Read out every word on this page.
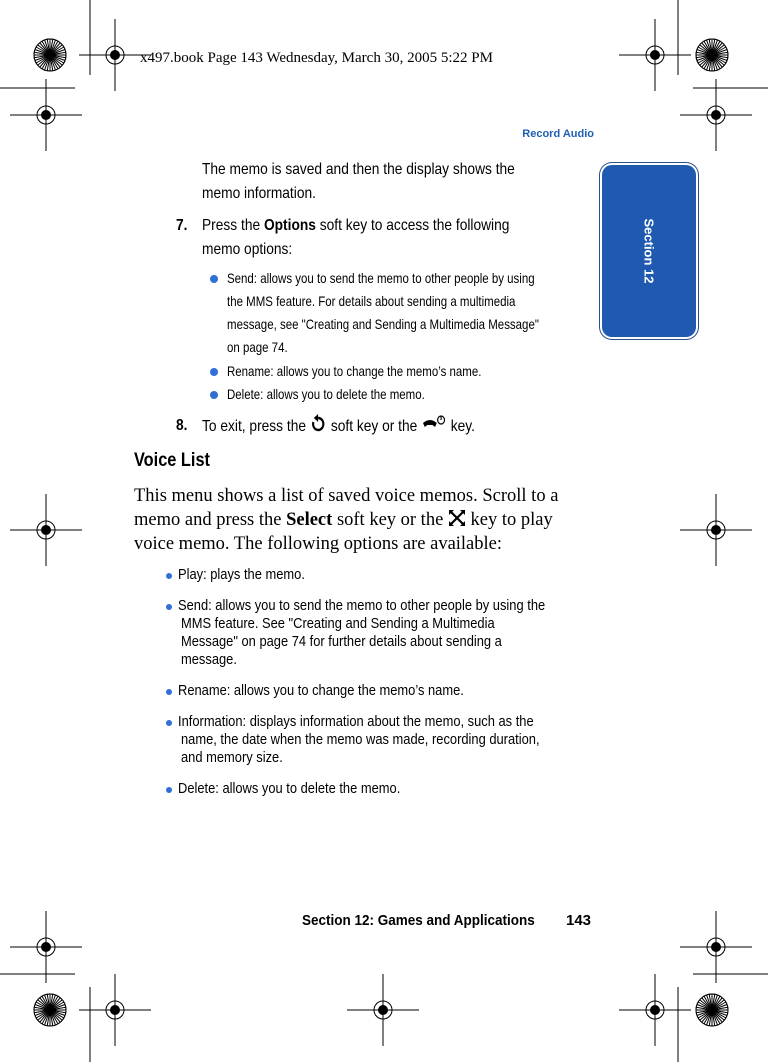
x497.book Page 143 Wednesday, March 30, 2005 5:22 PM
Record Audio
Section 12
The memo is saved and then the display shows the
memo information.
7. Press the Options soft key to access the following
memo options:
Send: allows you to send the memo to other people by using
the MMS feature. For details about sending a multimedia
message, see "Creating and Sending a Multimedia Message"
on page 74.
Rename: allows you to change the memo’s name.
Delete: allows you to delete the memo.
8. To exit, press the  soft key or the  key.
Voice List
This menu shows a list of saved voice memos. Scroll to a
memo and press the Select soft key or the  key to play
voice memo. The following options are available:
Play: plays the memo.
Send: allows you to send the memo to other people by using the
MMS feature. See "Creating and Sending a Multimedia
Message" on page 74 for further details about sending a
message.
Rename: allows you to change the memo’s name.
Information: displays information about the memo, such as the
name, the date when the memo was made, recording duration,
and memory size.
Delete: allows you to delete the memo.
Section 12: Games and Applications 143
